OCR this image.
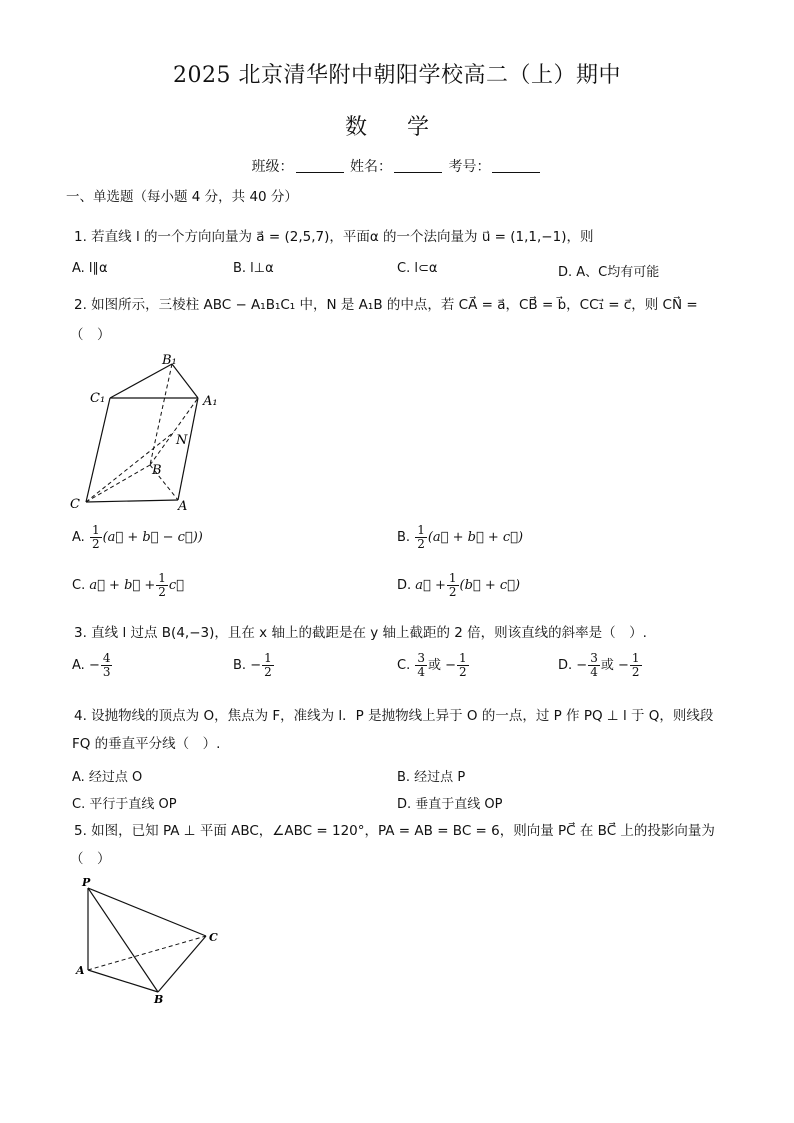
2025 北京清华附中朝阳学校高二（上）期中
数学
班级：	姓名：	考号：
一、单选题（每小题 4 分，共 40 分）
1. 若直线 l 的一个方向向量为 a⃗ = (2,5,7)，平面α 的一个法向量为 u⃗ = (1,1,−1)，则
A. l∥α	B. l⊥α	C. l⊂α	D. A、C均有可能
2. 如图所示，三棱柱 ABC − A₁B₁C₁ 中，N 是 A₁B 的中点，若 CA⃗ = a⃗，CB⃗ = b⃗，CC₁⃗ = c⃗，则 CN⃗ =
（　）
B₁
C₁	A₁
N
B
C	A
A. $\frac{1}{2}$ (a⃗ + b⃗ − c⃗))	B. $\frac{1}{2}$ (a⃗ + b⃗ + c⃗)
C. a⃗ + b⃗ + $\frac{1}{2}$ c⃗	D. a⃗ + $\frac{1}{2}$ (b⃗ + c⃗)
3. 直线 l 过点 B(4,−3)，且在 x 轴上的截距是在 y 轴上截距的 2 倍，则该直线的斜率是（　）.
A. − $\frac{4}{3}$	B. − $\frac{1}{2}$	C. $\frac{3}{4}$ 或 − $\frac{1}{2}$	D. − $\frac{3}{4}$ 或 − $\frac{1}{2}$
4. 设抛物线的顶点为 O，焦点为 F，准线为 l．P 是抛物线上异于 O 的一点，过 P 作 PQ ⊥ l 于 Q，则线段
FQ 的垂直平分线（　）.
A. 经过点 O	B. 经过点 P
C. 平行于直线 OP	D. 垂直于直线 OP
5. 如图，已知 PA ⊥ 平面 ABC，∠ABC = 120°，PA = AB = BC = 6，则向量 PC⃗ 在 BC⃗ 上的投影向量为
（　）
P
C
A
B
